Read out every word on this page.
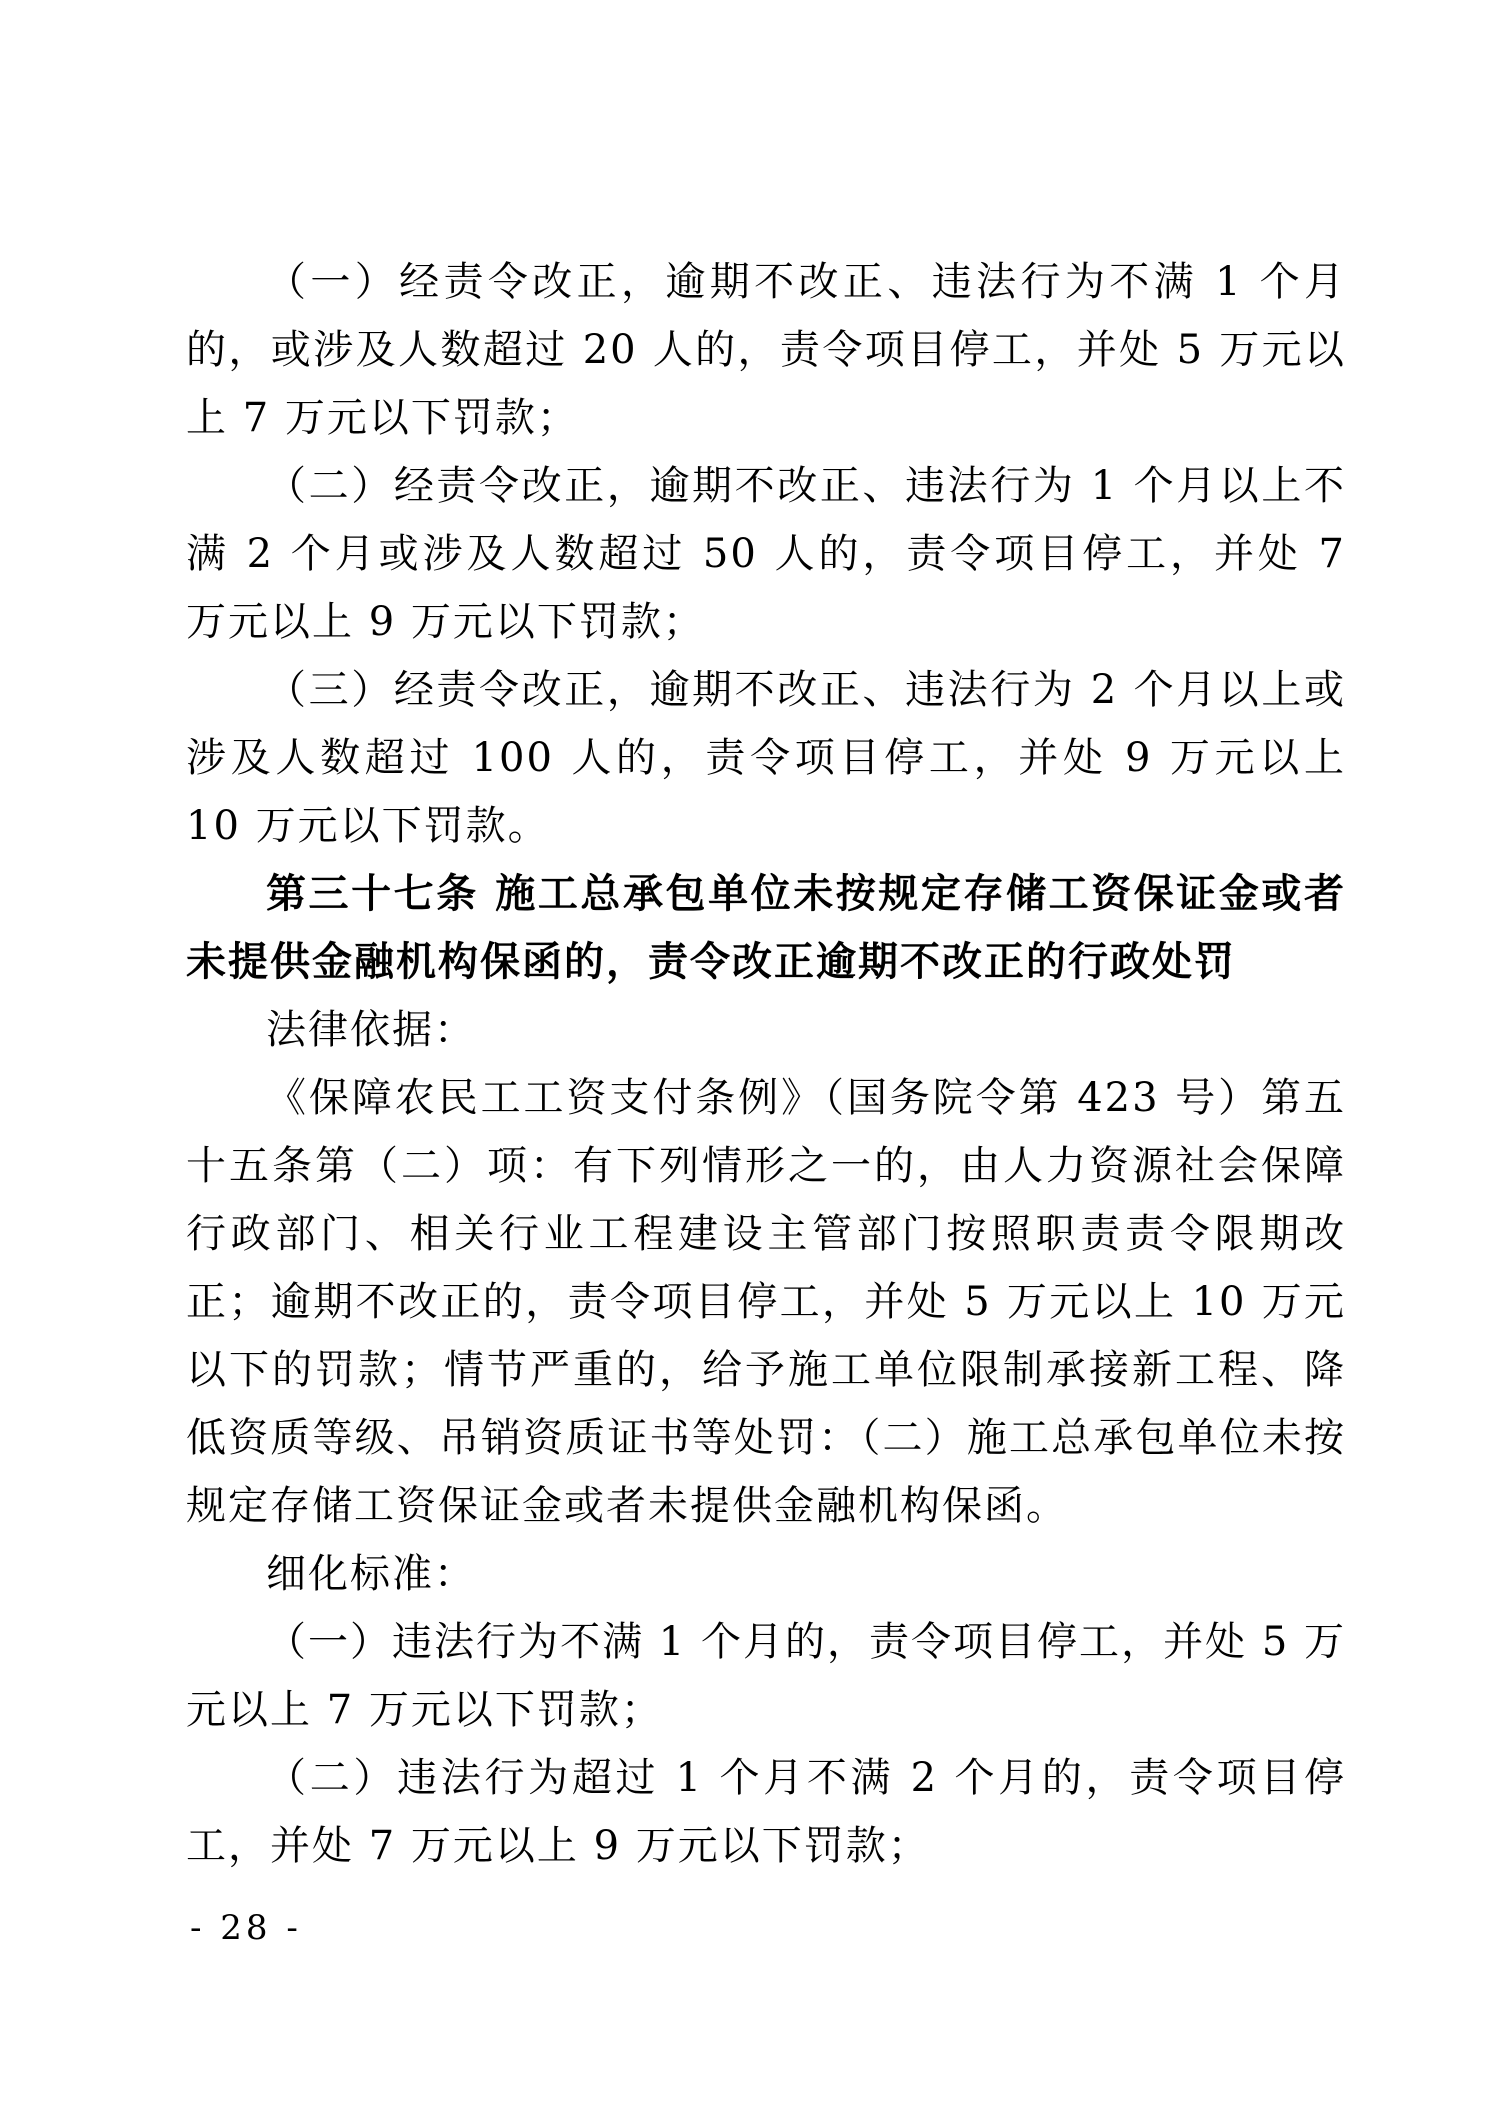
（一）经责令改正，逾期不改正、违法行为不满 1 个月的，或涉及人数超过 20 人的，责令项目停工，并处 5 万元以上 7 万元以下罚款；

（二）经责令改正，逾期不改正、违法行为 1 个月以上不满 2 个月或涉及人数超过 50 人的，责令项目停工，并处 7 万元以上 9 万元以下罚款；

（三）经责令改正，逾期不改正、违法行为 2 个月以上或涉及人数超过 100 人的，责令项目停工，并处 9 万元以上 10 万元以下罚款。

第三十七条 施工总承包单位未按规定存储工资保证金或者未提供金融机构保函的，责令改正逾期不改正的行政处罚

法律依据：

《保障农民工工资支付条例》（国务院令第 423 号）第五十五条第（二）项：有下列情形之一的，由人力资源社会保障行政部门、相关行业工程建设主管部门按照职责责令限期改正；逾期不改正的，责令项目停工，并处 5 万元以上 10 万元以下的罚款；情节严重的，给予施工单位限制承接新工程、降低资质等级、吊销资质证书等处罚：（二）施工总承包单位未按规定存储工资保证金或者未提供金融机构保函。

细化标准：

（一）违法行为不满 1 个月的，责令项目停工，并处 5 万元以上 7 万元以下罚款；

（二）违法行为超过 1 个月不满 2 个月的，责令项目停工，并处 7 万元以上 9 万元以下罚款；

- 28 -
